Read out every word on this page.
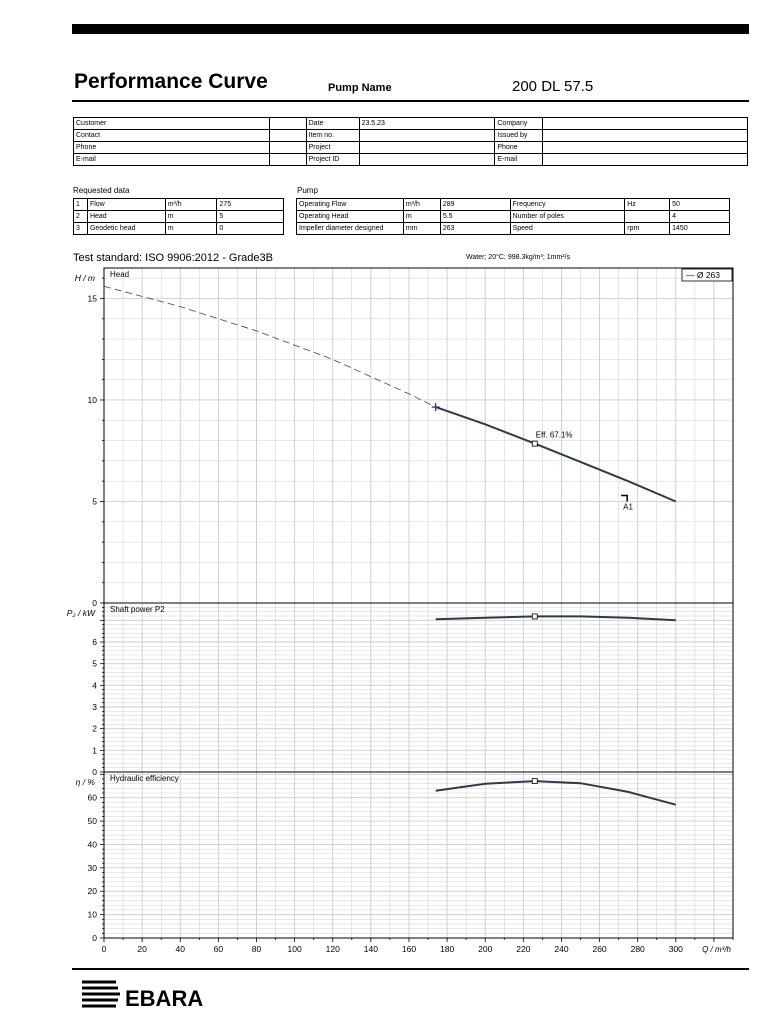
Performance Curve	Pump Name	200 DL 57.5
Customer		Date	23.5.23	Company	
Contact		Item no.		Issued by	
Phone		Project		Phone	
E-mail		Project ID		E-mail	
Requested data	Pump
1	Flow	m³/h	275
2	Head	m	5
3	Geodetic head	m	0
Operating Flow	m³/h	289	Frequency	Hz	50
Operating Head	m	5.5	Number of poles		4
Impeller diameter designed	mm	263	Speed	rpm	1450
Test standard: ISO 9906:2012 - Grade3B	Water; 20°C; 998.3kg/m³; 1mm²/s
0
5
10
15
Head
H / m
Eff. 67.1%
A1
— Ø 263
0
1
2
3
4
5
6
Shaft power P2
P₂ / kW
0
10
20
30
40
50
60
Hydraulic efficiency
η / %
0	20	40	60	80	100	120	140	160	180	200	220	240	260	280	300 Q / m³/h
EBARA
